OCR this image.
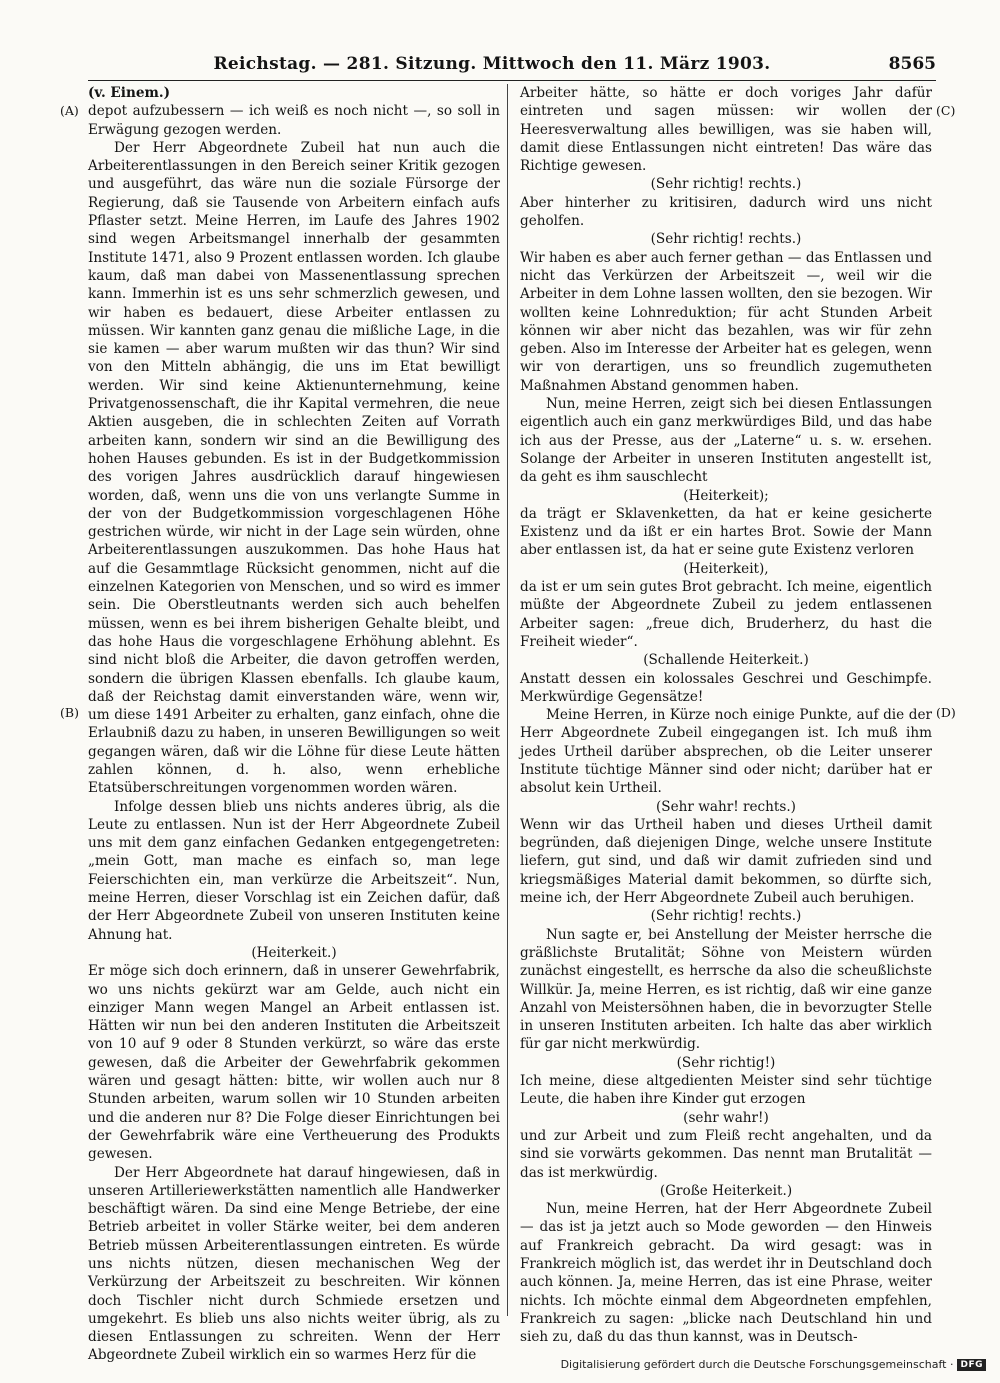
Reichstag. — 281. Sitzung. Mittwoch den 11. März 1903.	8565
(A)
(B)
(C)
(D)

(v. Einem.)

depot aufzubessern — ich weiß es noch nicht —, so soll in Erwägung gezogen werden.

Der Herr Abgeordnete Zubeil hat nun auch die Arbeiterentlassungen in den Bereich seiner Kritik gezogen und ausgeführt, das wäre nun die soziale Fürsorge der Regierung, daß sie Tausende von Arbeitern einfach aufs Pflaster setzt. Meine Herren, im Laufe des Jahres 1902 sind wegen Arbeitsmangel innerhalb der gesammten Institute 1471, also 9 Prozent entlassen worden. Ich glaube kaum, daß man dabei von Massenentlassung sprechen kann. Immerhin ist es uns sehr schmerzlich gewesen, und wir haben es bedauert, diese Arbeiter entlassen zu müssen. Wir kannten ganz genau die mißliche Lage, in die sie kamen — aber warum mußten wir das thun? Wir sind von den Mitteln abhängig, die uns im Etat bewilligt werden. Wir sind keine Aktienunternehmung, keine Privatgenossenschaft, die ihr Kapital vermehren, die neue Aktien ausgeben, die in schlechten Zeiten auf Vorrath arbeiten kann, sondern wir sind an die Bewilligung des hohen Hauses gebunden. Es ist in der Budgetkommission des vorigen Jahres ausdrücklich darauf hingewiesen worden, daß, wenn uns die von uns verlangte Summe in der von der Budgetkommission vorgeschlagenen Höhe gestrichen würde, wir nicht in der Lage sein würden, ohne Arbeiterentlassungen auszukommen. Das hohe Haus hat auf die Gesammtlage Rücksicht genommen, nicht auf die einzelnen Kategorien von Menschen, und so wird es immer sein. Die Oberstleutnants werden sich auch behelfen müssen, wenn es bei ihrem bisherigen Gehalte bleibt, und das hohe Haus die vorgeschlagene Erhöhung ablehnt. Es sind nicht bloß die Arbeiter, die davon getroffen werden, sondern die übrigen Klassen ebenfalls. Ich glaube kaum, daß der Reichstag damit einverstanden wäre, wenn wir, um diese 1491 Arbeiter zu erhalten, ganz einfach, ohne die Erlaubniß dazu zu haben, in unseren Bewilligungen so weit gegangen wären, daß wir die Löhne für diese Leute hätten zahlen können, d. h. also, wenn erhebliche Etatsüberschreitungen vorgenommen worden wären.

Infolge dessen blieb uns nichts anderes übrig, als die Leute zu entlassen. Nun ist der Herr Abgeordnete Zubeil uns mit dem ganz einfachen Gedanken entgegengetreten: „mein Gott, man mache es einfach so, man lege Feierschichten ein, man verkürze die Arbeitszeit“. Nun, meine Herren, dieser Vorschlag ist ein Zeichen dafür, daß der Herr Abgeordnete Zubeil von unseren Instituten keine Ahnung hat.

(Heiterkeit.)

Er möge sich doch erinnern, daß in unserer Gewehrfabrik, wo uns nichts gekürzt war am Gelde, auch nicht ein einziger Mann wegen Mangel an Arbeit entlassen ist. Hätten wir nun bei den anderen Instituten die Arbeitszeit von 10 auf 9 oder 8 Stunden verkürzt, so wäre das erste gewesen, daß die Arbeiter der Gewehrfabrik gekommen wären und gesagt hätten: bitte, wir wollen auch nur 8 Stunden arbeiten, warum sollen wir 10 Stunden arbeiten und die anderen nur 8? Die Folge dieser Einrichtungen bei der Gewehrfabrik wäre eine Vertheuerung des Produkts gewesen.

Der Herr Abgeordnete hat darauf hingewiesen, daß in unseren Artilleriewerkstätten namentlich alle Handwerker beschäftigt wären. Da sind eine Menge Betriebe, der eine Betrieb arbeitet in voller Stärke weiter, bei dem anderen Betrieb müssen Arbeiterentlassungen eintreten. Es würde uns nichts nützen, diesen mechanischen Weg der Verkürzung der Arbeitszeit zu beschreiten. Wir können doch Tischler nicht durch Schmiede ersetzen und umgekehrt. Es blieb uns also nichts weiter übrig, als zu diesen Entlassungen zu schreiten. Wenn der Herr Abgeordnete Zubeil wirklich ein so warmes Herz für die

Arbeiter hätte, so hätte er doch voriges Jahr dafür eintreten und sagen müssen: wir wollen der Heeresverwaltung alles bewilligen, was sie haben will, damit diese Entlassungen nicht eintreten! Das wäre das Richtige gewesen.

(Sehr richtig! rechts.)

Aber hinterher zu kritisiren, dadurch wird uns nicht geholfen.

(Sehr richtig! rechts.)

Wir haben es aber auch ferner gethan — das Entlassen und nicht das Verkürzen der Arbeitszeit —, weil wir die Arbeiter in dem Lohne lassen wollten, den sie bezogen. Wir wollten keine Lohnreduktion; für acht Stunden Arbeit können wir aber nicht das bezahlen, was wir für zehn geben. Also im Interesse der Arbeiter hat es gelegen, wenn wir von derartigen, uns so freundlich zugemutheten Maßnahmen Abstand genommen haben.

Nun, meine Herren, zeigt sich bei diesen Entlassungen eigentlich auch ein ganz merkwürdiges Bild, und das habe ich aus der Presse, aus der „Laterne“ u. s. w. ersehen. Solange der Arbeiter in unseren Instituten angestellt ist, da geht es ihm sauschlecht

(Heiterkeit);

da trägt er Sklavenketten, da hat er keine gesicherte Existenz und da ißt er ein hartes Brot. Sowie der Mann aber entlassen ist, da hat er seine gute Existenz verloren

(Heiterkeit),

da ist er um sein gutes Brot gebracht. Ich meine, eigentlich müßte der Abgeordnete Zubeil zu jedem entlassenen Arbeiter sagen: „freue dich, Bruderherz, du hast die Freiheit wieder“.

(Schallende Heiterkeit.)

Anstatt dessen ein kolossales Geschrei und Geschimpfe. Merkwürdige Gegensätze!

Meine Herren, in Kürze noch einige Punkte, auf die der Herr Abgeordnete Zubeil eingegangen ist. Ich muß ihm jedes Urtheil darüber absprechen, ob die Leiter unserer Institute tüchtige Männer sind oder nicht; darüber hat er absolut kein Urtheil.

(Sehr wahr! rechts.)

Wenn wir das Urtheil haben und dieses Urtheil damit begründen, daß diejenigen Dinge, welche unsere Institute liefern, gut sind, und daß wir damit zufrieden sind und kriegsmäßiges Material damit bekommen, so dürfte sich, meine ich, der Herr Abgeordnete Zubeil auch beruhigen.

(Sehr richtig! rechts.)

Nun sagte er, bei Anstellung der Meister herrsche die gräßlichste Brutalität; Söhne von Meistern würden zunächst eingestellt, es herrsche da also die scheußlichste Willkür. Ja, meine Herren, es ist richtig, daß wir eine ganze Anzahl von Meistersöhnen haben, die in bevorzugter Stelle in unseren Instituten arbeiten. Ich halte das aber wirklich für gar nicht merkwürdig.

(Sehr richtig!)

Ich meine, diese altgedienten Meister sind sehr tüchtige Leute, die haben ihre Kinder gut erzogen

(sehr wahr!)

und zur Arbeit und zum Fleiß recht angehalten, und da sind sie vorwärts gekommen. Das nennt man Brutalität — das ist merkwürdig.

(Große Heiterkeit.)

Nun, meine Herren, hat der Herr Abgeordnete Zubeil — das ist ja jetzt auch so Mode geworden — den Hinweis auf Frankreich gebracht. Da wird gesagt: was in Frankreich möglich ist, das werdet ihr in Deutschland doch auch können. Ja, meine Herren, das ist eine Phrase, weiter nichts. Ich möchte einmal dem Abgeordneten empfehlen, Frankreich zu sagen: „blicke nach Deutschland hin und sieh zu, daß du das thun kannst, was in Deutsch-

Digitalisierung gefördert durch die Deutsche Forschungsgemeinschaft · DFG
